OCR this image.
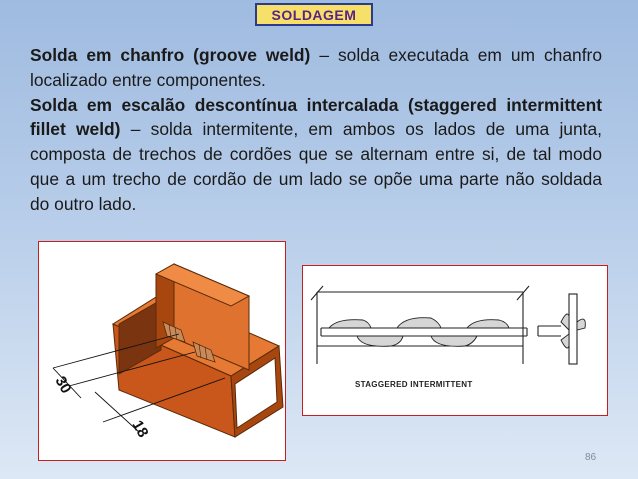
SOLDAGEM

Solda em chanfro (groove weld) – solda executada em um chanfro localizado entre componentes.

Solda em escalão descontínua intercalada (staggered intermittent fillet weld) – solda intermitente, em ambos os lados de uma junta, composta de trechos de cordões que se alternam entre si, de tal modo que a um trecho de cordão de um lado se opõe uma parte não soldada do outro lado.

30
18
STAGGERED INTERMITTENT
86
